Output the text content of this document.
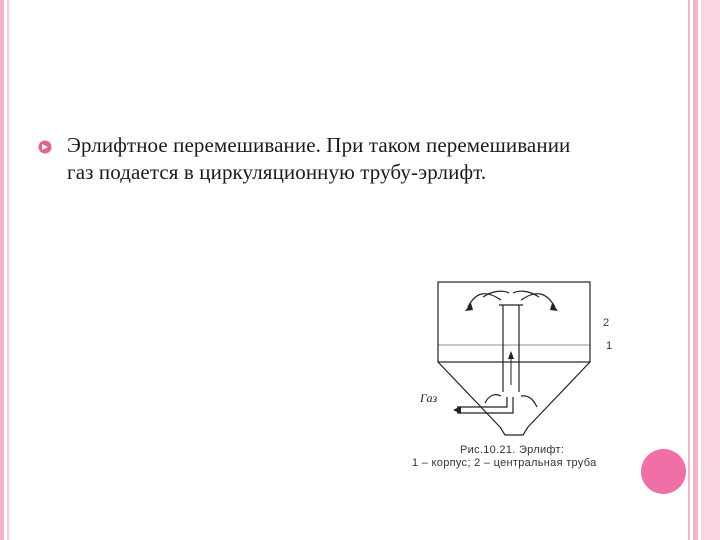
Эрлифтное перемешивание. При таком перемешивании газ подается в циркуляционную трубу-эрлифт.
Газ
2
1
Рис.10.21. Эрлифт:
1 – корпус; 2 – центральная труба
